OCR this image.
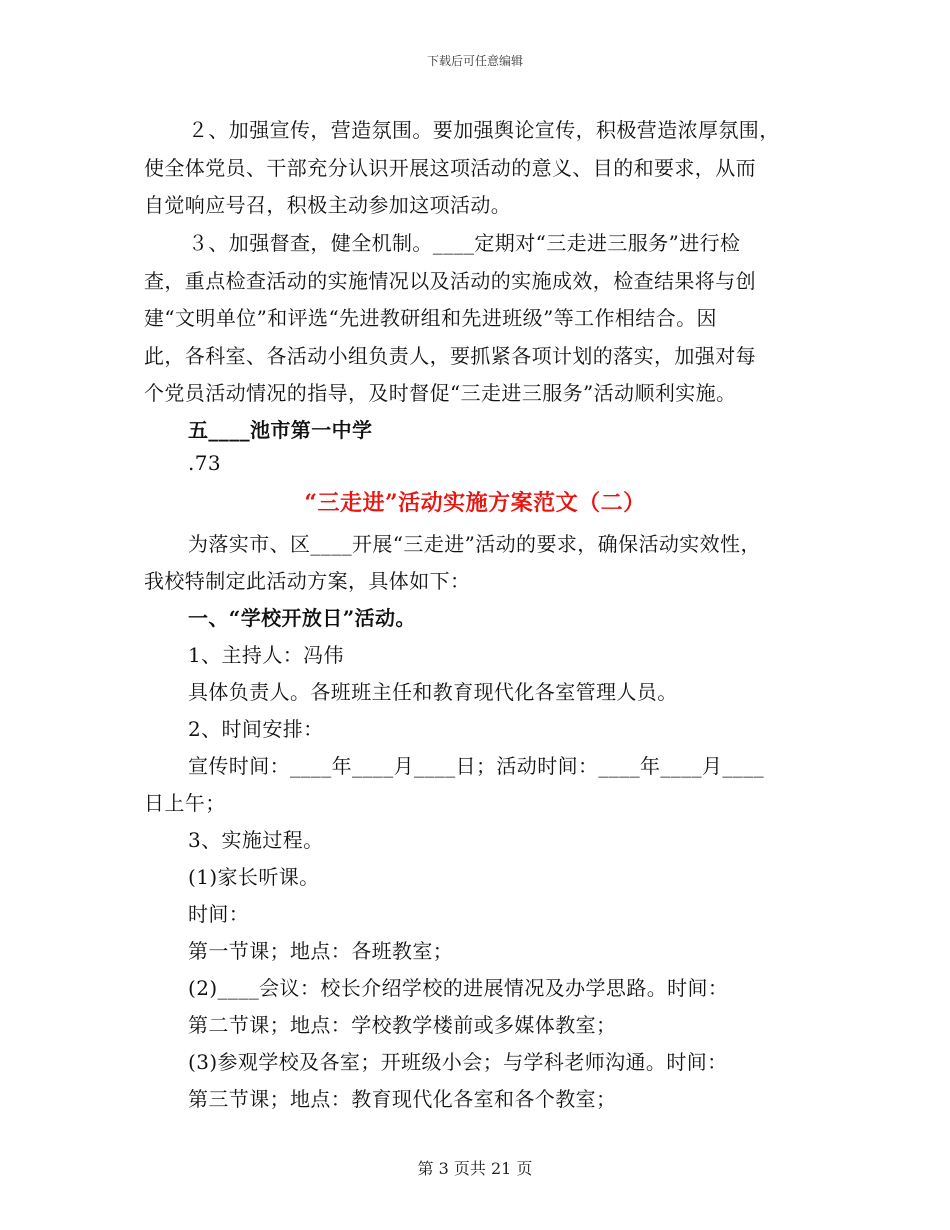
下载后可任意编辑
２、加强宣传，营造氛围。要加强舆论宣传，积极营造浓厚氛围，
使全体党员、干部充分认识开展这项活动的意义、目的和要求，从而
自觉响应号召，积极主动参加这项活动。
３、加强督查，健全机制。____定期对“三走进三服务”进行检
查，重点检查活动的实施情况以及活动的实施成效，检查结果将与创
建“文明单位”和评选“先进教研组和先进班级”等工作相结合。因
此，各科室、各活动小组负责人，要抓紧各项计划的落实，加强对每
个党员活动情况的指导，及时督促“三走进三服务”活动顺利实施。
五____池市第一中学
.73
“三走进”活动实施方案范文（二）
为落实市、区____开展“三走进”活动的要求，确保活动实效性，
我校特制定此活动方案，具体如下：
一、“学校开放日”活动。
1、主持人：冯伟
具体负责人。各班班主任和教育现代化各室管理人员。
2、时间安排：
宣传时间：____年____月____日；活动时间：____年____月____
日上午；
3、实施过程。
(1)家长听课。
时间：
第一节课；地点：各班教室；
(2)____会议：校长介绍学校的进展情况及办学思路。时间：
第二节课；地点：学校教学楼前或多媒体教室；
(3)参观学校及各室；开班级小会；与学科老师沟通。时间：
第三节课；地点：教育现代化各室和各个教室；
第 3 页共 21 页
